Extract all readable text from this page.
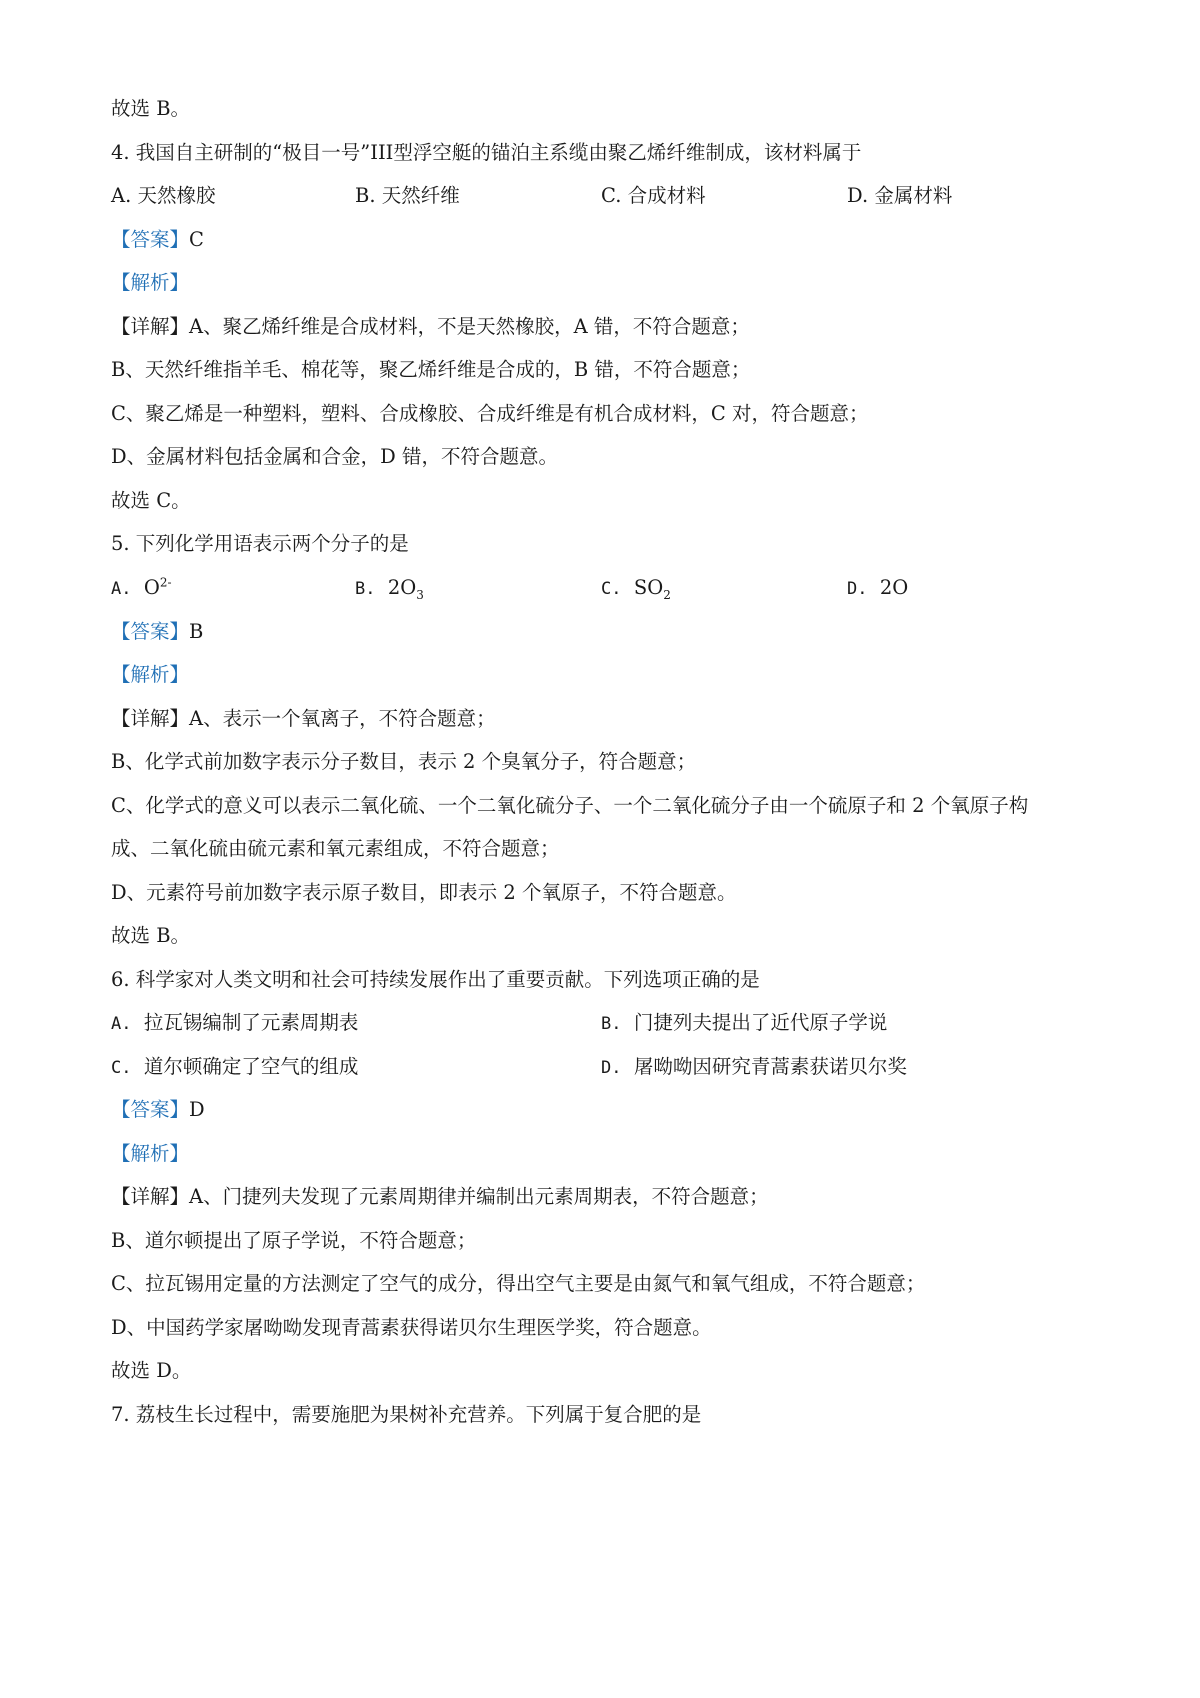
故选 B。
4. 我国自主研制的“极目一号”III型浮空艇的锚泊主系缆由聚乙烯纤维制成，该材料属于
A. 天然橡胶	B. 天然纤维	C. 合成材料	D. 金属材料
【答案】C
【解析】
【详解】A、聚乙烯纤维是合成材料，不是天然橡胶，A 错，不符合题意；
B、天然纤维指羊毛、棉花等，聚乙烯纤维是合成的，B 错，不符合题意；
C、聚乙烯是一种塑料，塑料、合成橡胶、合成纤维是有机合成材料，C 对，符合题意；
D、金属材料包括金属和合金，D 错，不符合题意。
故选 C。
5. 下列化学用语表示两个分子的是
A. $O^{2-}$	B. $2O_3$	C. $SO_2$	D. 2O
【答案】B
【解析】
【详解】A、表示一个氧离子，不符合题意；
B、化学式前加数字表示分子数目，表示 2 个臭氧分子，符合题意；
C、化学式的意义可以表示二氧化硫、一个二氧化硫分子、一个二氧化硫分子由一个硫原子和 2 个氧原子构
成、二氧化硫由硫元素和氧元素组成，不符合题意；
D、元素符号前加数字表示原子数目，即表示 2 个氧原子，不符合题意。
故选 B。
6. 科学家对人类文明和社会可持续发展作出了重要贡献。下列选项正确的是
A. 拉瓦锡编制了元素周期表	B. 门捷列夫提出了近代原子学说
C. 道尔顿确定了空气的组成	D. 屠呦呦因研究青蒿素获诺贝尔奖
【答案】D
【解析】
【详解】A、门捷列夫发现了元素周期律并编制出元素周期表，不符合题意；
B、道尔顿提出了原子学说，不符合题意；
C、拉瓦锡用定量的方法测定了空气的成分，得出空气主要是由氮气和氧气组成，不符合题意；
D、中国药学家屠呦呦发现青蒿素获得诺贝尔生理医学奖，符合题意。
故选 D。
7. 荔枝生长过程中，需要施肥为果树补充营养。下列属于复合肥的是
